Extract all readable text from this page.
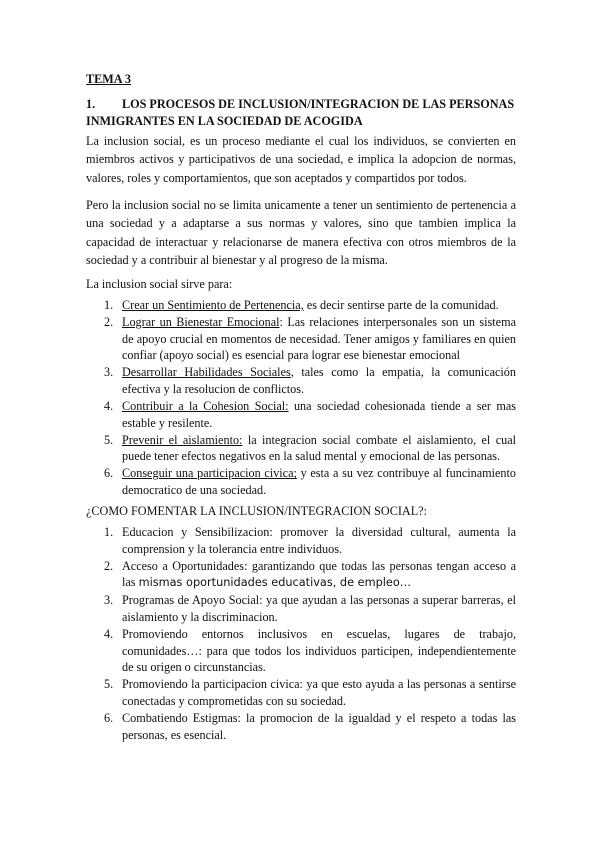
TEMA 3
1.	LOS PROCESOS DE INCLUSION/INTEGRACION DE LAS PERSONAS INMIGRANTES EN LA SOCIEDAD DE ACOGIDA

La inclusion social, es un proceso mediante el cual los individuos, se convierten en miembros activos y participativos de una sociedad, e implica la adopcion de normas, valores, roles y comportamientos, que son aceptados y compartidos por todos.

Pero la inclusion social no se limita unicamente a tener un sentimiento de pertenencia a una sociedad y a adaptarse a sus normas y valores, sino que tambien implica la capacidad de interactuar y relacionarse de manera efectiva con otros miembros de la sociedad y a contribuir al bienestar y al progreso de la misma.

La inclusion social sirve para:
1. Crear un Sentimiento de Pertenencia, es decir sentirse parte de la comunidad.
2. Lograr un Bienestar Emocional: Las relaciones interpersonales son un sistema de apoyo crucial en momentos de necesidad. Tener amigos y familiares en quien confiar (apoyo social) es esencial para lograr ese bienestar emocional
3. Desarrollar Habilidades Sociales, tales como la empatia, la comunicación efectiva y la resolucion de conflictos.
4. Contribuir a la Cohesion Social: una sociedad cohesionada tiende a ser mas estable y resilente.
5. Prevenir el aislamiento: la integracion social combate el aislamiento, el cual puede tener efectos negativos en la salud mental y emocional de las personas.
6. Conseguir una participacion civica; y esta a su vez contribuye al funcinamiento democratico de una sociedad.
¿COMO FOMENTAR LA INCLUSION/INTEGRACION SOCIAL?:
1. Educacion y Sensibilizacion: promover la diversidad cultural, aumenta la comprension y la tolerancia entre individuos.
2. Acceso a Oportunidades: garantizando que todas las personas tengan acceso a las mismas oportunidades educativas, de empleo…
3. Programas de Apoyo Social: ya que ayudan a las personas a superar barreras, el aislamiento y la discriminacion.
4. Promoviendo entornos inclusivos en escuelas, lugares de trabajo, comunidades…: para que todos los individuos participen, independientemente de su origen o circunstancias.
5. Promoviendo la participacion civica: ya que esto ayuda a las personas a sentirse conectadas y comprometidas con su sociedad.
6. Combatiendo Estigmas: la promocion de la igualdad y el respeto a todas las personas, es esencial.
